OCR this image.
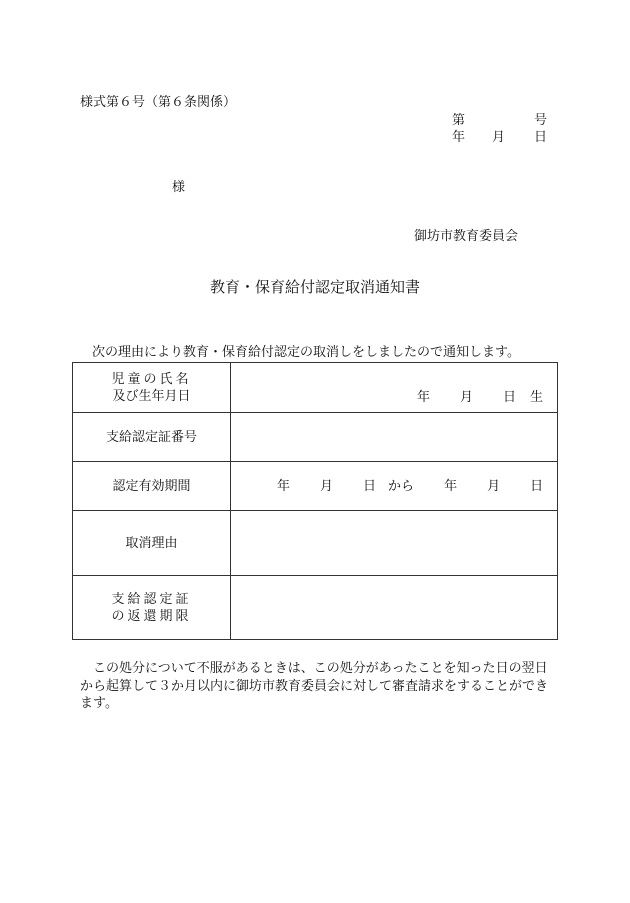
様式第６号（第６条関係）
第	号
年 月 日
様
御坊市教育委員会
教育・保育給付認定取消通知書
次の理由により教育・保育給付認定の取消しをしましたので通知します。
児童の氏名
及び生年月日	年 月 日 生

支給認定証番号	
認定有効期間	年 月 日 から 年 月 日
取消理由	

支給認定証
の返還期限	

この処分について不服があるときは、この処分があったことを知った日の翌日から起算して３か月以内に御坊市教育委員会に対して審査請求をすることができます。
